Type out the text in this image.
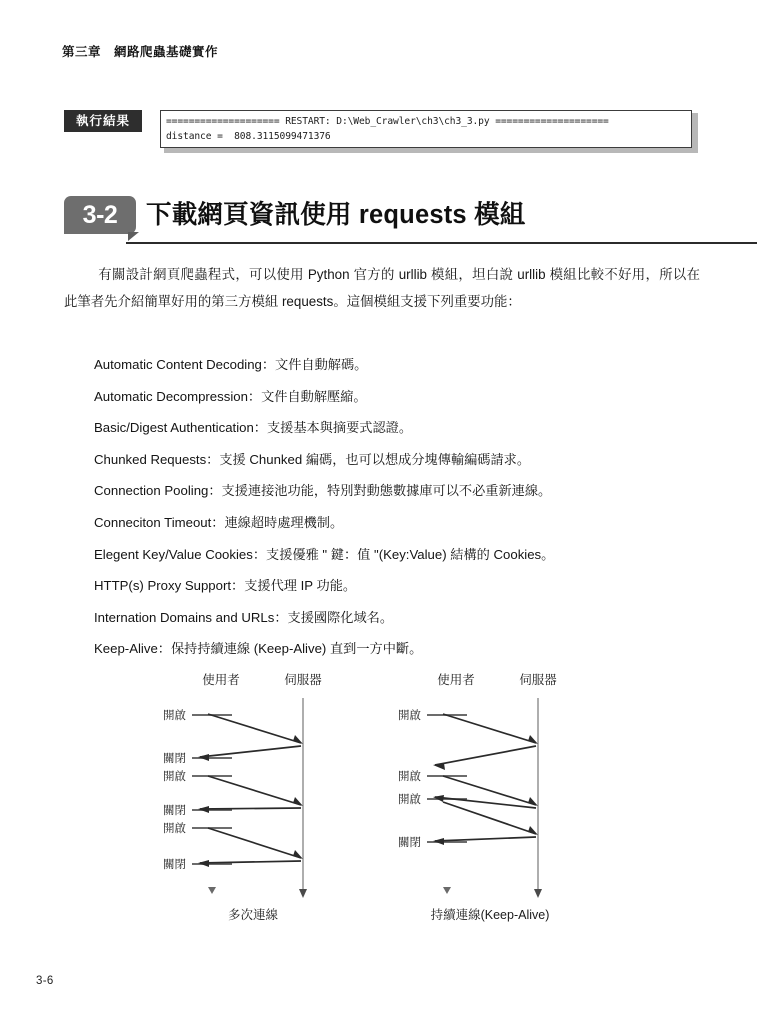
第三章　網路爬蟲基礎實作
執行結果	==================== RESTART: D:\Web_Crawler\ch3\ch3_3.py ====================
distance =  808.3115099471376
3-2 下載網頁資訊使用 requests 模組
有關設計網頁爬蟲程式，可以使用 Python 官方的 urllib 模組，坦白說 urllib 模組比較不好用，所以在此筆者先介紹簡單好用的第三方模組 requests。這個模組支援下列重要功能：
Automatic Content Decoding：文件自動解碼。
Automatic Decompression：文件自動解壓縮。
Basic/Digest Authentication：支援基本與摘要式認證。
Chunked Requests：支援 Chunked 編碼，也可以想成分塊傳輸編碼請求。
Connection Pooling：支援連接池功能，特別對動態數據庫可以不必重新連線。
Conneciton Timeout：連線超時處理機制。
Elegent Key/Value Cookies：支援優雅 " 鍵：值 "(Key:Value) 結構的 Cookies。
HTTP(s) Proxy Support：支援代理 IP 功能。
Internation Domains and URLs：支援國際化域名。
Keep-Alive：保持持續連線 (Keep-Alive) 直到一方中斷。
使用者	伺服器
開啟
關閉
開啟
關閉
開啟
關閉
多次連線
使用者	伺服器
開啟
開啟
開啟
關閉
持續連線(Keep-Alive)
3-6
